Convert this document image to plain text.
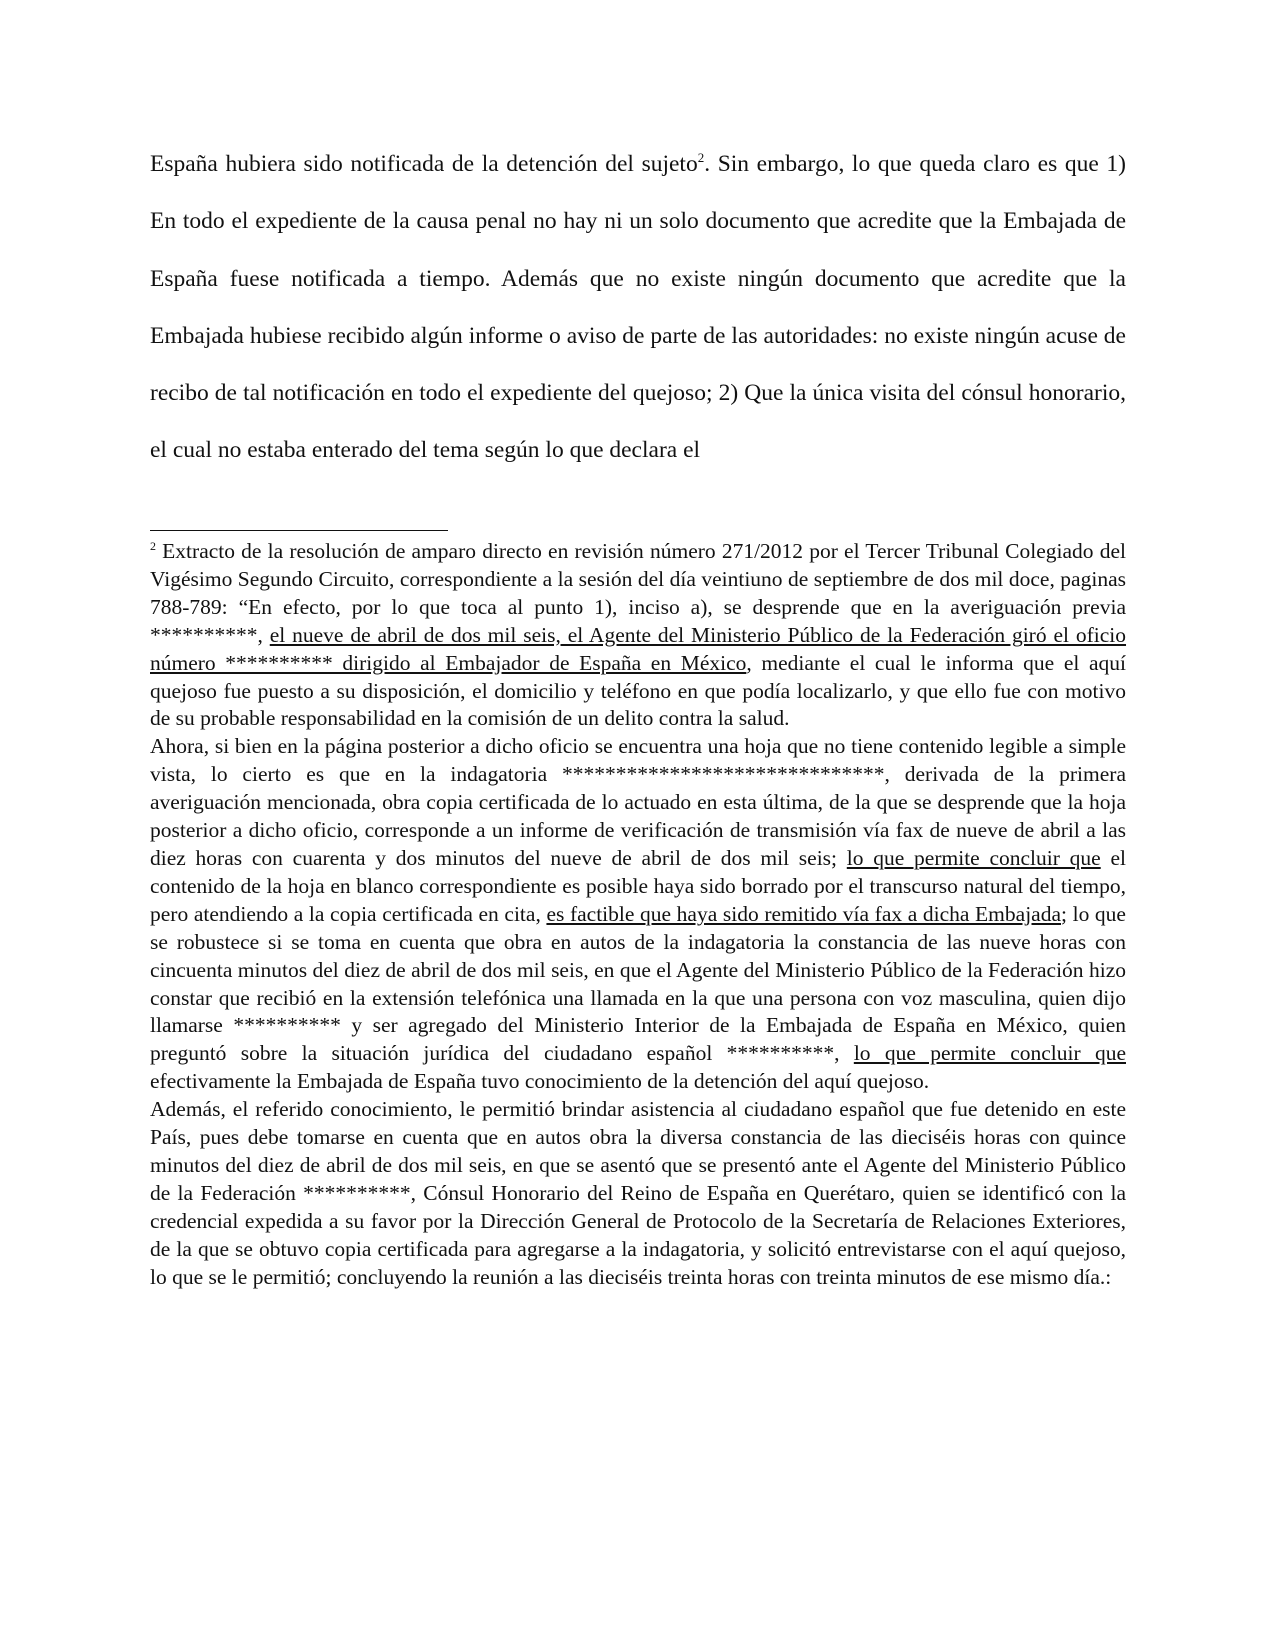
España hubiera sido notificada de la detención del sujeto$^2$. Sin embargo, lo que queda claro es que 1) En todo el expediente de la causa penal no hay ni un solo documento que acredite que la Embajada de España fuese notificada a tiempo. Además que no existe ningún documento que acredite que la Embajada hubiese recibido algún informe o aviso de parte de las autoridades: no existe ningún acuse de recibo de tal notificación en todo el expediente del quejoso; 2) Que la única visita del cónsul honorario, el cual no estaba enterado del tema según lo que declara el

$^2$ Extracto de la resolución de amparo directo en revisión número 271/2012 por el Tercer Tribunal Colegiado del Vigésimo Segundo Circuito, correspondiente a la sesión del día veintiuno de septiembre de dos mil doce, paginas 788-789: “En efecto, por lo que toca al punto 1), inciso a), se desprende que en la averiguación previa **********, el nueve de abril de dos mil seis, el Agente del Ministerio Público de la Federación giró el oficio número ********** dirigido al Embajador de España en México, mediante el cual le informa que el aquí quejoso fue puesto a su disposición, el domicilio y teléfono en que podía localizarlo, y que ello fue con motivo de su probable responsabilidad en la comisión de un delito contra la salud.

Ahora, si bien en la página posterior a dicho oficio se encuentra una hoja que no tiene contenido legible a simple vista, lo cierto es que en la indagatoria ******************************, derivada de la primera averiguación mencionada, obra copia certificada de lo actuado en esta última, de la que se desprende que la hoja posterior a dicho oficio, corresponde a un informe de verificación de transmisión vía fax de nueve de abril a las diez horas con cuarenta y dos minutos del nueve de abril de dos mil seis; lo que permite concluir que el contenido de la hoja en blanco correspondiente es posible haya sido borrado por el transcurso natural del tiempo, pero atendiendo a la copia certificada en cita, es factible que haya sido remitido vía fax a dicha Embajada; lo que se robustece si se toma en cuenta que obra en autos de la indagatoria la constancia de las nueve horas con cincuenta minutos del diez de abril de dos mil seis, en que el Agente del Ministerio Público de la Federación hizo constar que recibió en la extensión telefónica una llamada en la que una persona con voz masculina, quien dijo llamarse ********** y ser agregado del Ministerio Interior de la Embajada de España en México, quien preguntó sobre la situación jurídica del ciudadano español **********, lo que permite concluir que efectivamente la Embajada de España tuvo conocimiento de la detención del aquí quejoso.

Además, el referido conocimiento, le permitió brindar asistencia al ciudadano español que fue detenido en este País, pues debe tomarse en cuenta que en autos obra la diversa constancia de las dieciséis horas con quince minutos del diez de abril de dos mil seis, en que se asentó que se presentó ante el Agente del Ministerio Público de la Federación **********, Cónsul Honorario del Reino de España en Querétaro, quien se identificó con la credencial expedida a su favor por la Dirección General de Protocolo de la Secretaría de Relaciones Exteriores, de la que se obtuvo copia certificada para agregarse a la indagatoria, y solicitó entrevistarse con el aquí quejoso, lo que se le permitió; concluyendo la reunión a las dieciséis treinta horas con treinta minutos de ese mismo día.:
